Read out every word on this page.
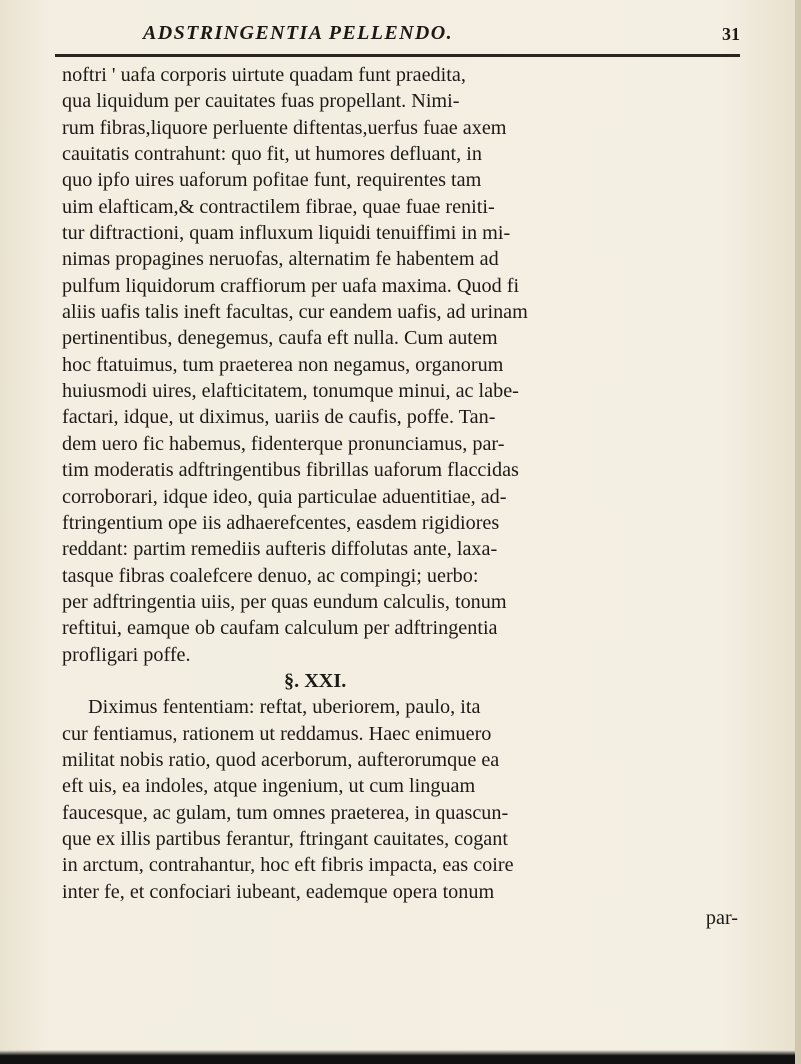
ADSTRINGENTIA PELLENDO.	31
noftri ' uafa corporis uirtute quadam funt praedita,
qua liquidum per cauitates fuas propellant. Nimi-
rum fibras,liquore perluente diftentas,uerfus fuae axem
cauitatis contrahunt: quo fit, ut humores defluant, in
quo ipfo uires uaforum pofitae funt, requirentes tam
uim elafticam,& contractilem fibrae, quae fuae reniti-
tur diftractioni, quam influxum liquidi tenuiffimi in mi-
nimas propagines neruofas, alternatim fe habentem ad
pulfum liquidorum craffiorum per uafa maxima. Quod fi
aliis uafis talis ineft facultas, cur eandem uafis, ad urinam
pertinentibus, denegemus, caufa eft nulla. Cum autem
hoc ftatuimus, tum praeterea non negamus, organorum
huiusmodi uires, elafticitatem, tonumque minui, ac labe-
factari, idque, ut diximus, uariis de caufis, poffe. Tan-
dem uero fic habemus, fidenterque pronunciamus, par-
tim moderatis adftringentibus fibrillas uaforum flaccidas
corroborari, idque ideo, quia particulae aduentitiae, ad-
ftringentium ope iis adhaerefcentes, easdem rigidiores
reddant: partim remediis aufteris diffolutas ante, laxa-
tasque fibras coalefcere denuo, ac compingi; uerbo:
per adftringentia uiis, per quas eundum calculis, tonum
reftitui, eamque ob caufam calculum per adftringentia
profligari poffe.
§. XXI.
Diximus fententiam: reftat, uberiorem, paulo, ita
cur fentiamus, rationem ut reddamus. Haec enimuero
militat nobis ratio, quod acerborum, aufterorumque ea
eft uis, ea indoles, atque ingenium, ut cum linguam
faucesque, ac gulam, tum omnes praeterea, in quascun-
que ex illis partibus ferantur, ftringant cauitates, cogant
in arctum, contrahantur, hoc eft fibris impacta, eas coire
inter fe, et confociari iubeant, eademque opera tonum
par-
